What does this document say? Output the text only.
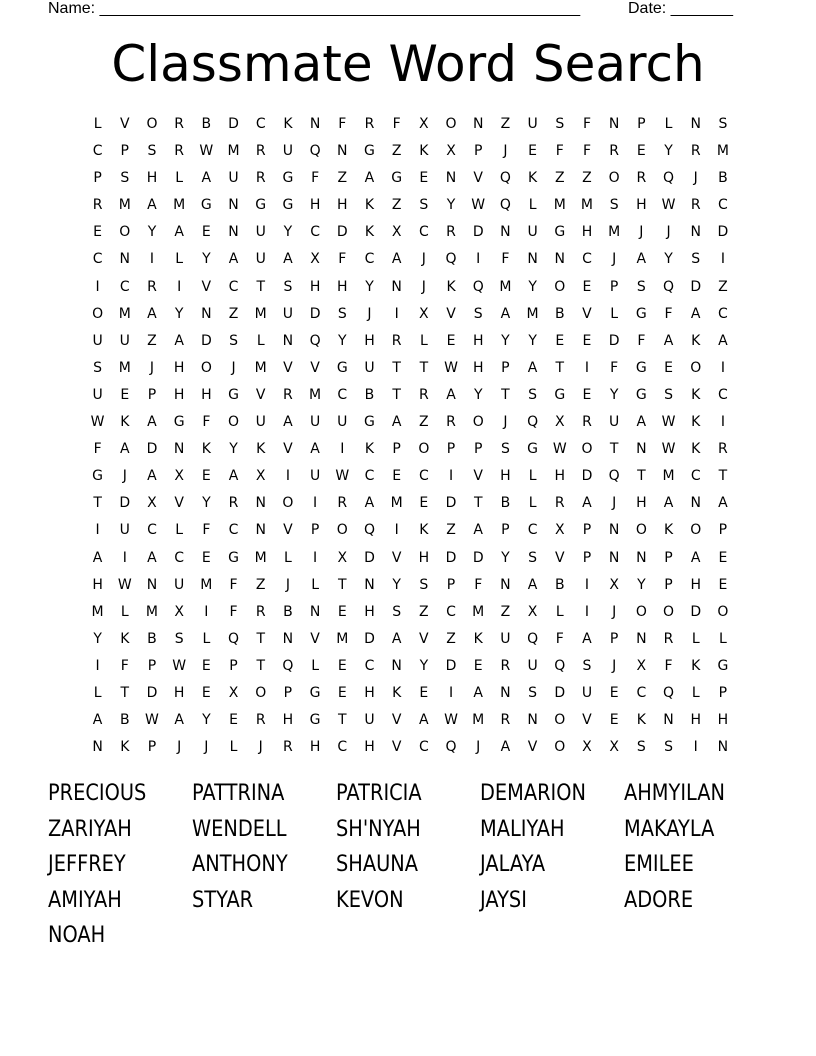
Name: ______________________________________________________	Date: _______
Classmate Word Search
L	V	O	R	B	D	C	K	N	F	R	F	X	O	N	Z	U	S	F	N	P	L	N	S
C	P	S	R	W	M	R	U	Q	N	G	Z	K	X	P	J	E	F	F	R	E	Y	R	M
P	S	H	L	A	U	R	G	F	Z	A	G	E	N	V	Q	K	Z	Z	O	R	Q	J	B
R	M	A	M	G	N	G	G	H	H	K	Z	S	Y	W	Q	L	M	M	S	H	W	R	C
E	O	Y	A	E	N	U	Y	C	D	K	X	C	R	D	N	U	G	H	M	J	J	N	D
C	N	I	L	Y	A	U	A	X	F	C	A	J	Q	I	F	N	N	C	J	A	Y	S	I
I	C	R	I	V	C	T	S	H	H	Y	N	J	K	Q	M	Y	O	E	P	S	Q	D	Z
O	M	A	Y	N	Z	M	U	D	S	J	I	X	V	S	A	M	B	V	L	G	F	A	C
U	U	Z	A	D	S	L	N	Q	Y	H	R	L	E	H	Y	Y	E	E	D	F	A	K	A
S	M	J	H	O	J	M	V	V	G	U	T	T	W	H	P	A	T	I	F	G	E	O	I
U	E	P	H	H	G	V	R	M	C	B	T	R	A	Y	T	S	G	E	Y	G	S	K	C
W	K	A	G	F	O	U	A	U	U	G	A	Z	R	O	J	Q	X	R	U	A	W	K	I
F	A	D	N	K	Y	K	V	A	I	K	P	O	P	P	S	G	W	O	T	N	W	K	R
G	J	A	X	E	A	X	I	U	W	C	E	C	I	V	H	L	H	D	Q	T	M	C	T
T	D	X	V	Y	R	N	O	I	R	A	M	E	D	T	B	L	R	A	J	H	A	N	A
I	U	C	L	F	C	N	V	P	O	Q	I	K	Z	A	P	C	X	P	N	O	K	O	P
A	I	A	C	E	G	M	L	I	X	D	V	H	D	D	Y	S	V	P	N	N	P	A	E
H	W	N	U	M	F	Z	J	L	T	N	Y	S	P	F	N	A	B	I	X	Y	P	H	E
M	L	M	X	I	F	R	B	N	E	H	S	Z	C	M	Z	X	L	I	J	O	O	D	O
Y	K	B	S	L	Q	T	N	V	M	D	A	V	Z	K	U	Q	F	A	P	N	R	L	L
I	F	P	W	E	P	T	Q	L	E	C	N	Y	D	E	R	U	Q	S	J	X	F	K	G
L	T	D	H	E	X	O	P	G	E	H	K	E	I	A	N	S	D	U	E	C	Q	L	P
A	B	W	A	Y	E	R	H	G	T	U	V	A	W	M	R	N	O	V	E	K	N	H	H
N	K	P	J	J	L	J	R	H	C	H	V	C	Q	J	A	V	O	X	X	S	S	I	N
PRECIOUS	PATTRINA	PATRICIA	DEMARION	AHMYILAN
ZARIYAH	WENDELL	SH'NYAH	MALIYAH	MAKAYLA
JEFFREY	ANTHONY	SHAUNA	JALAYA	EMILEE
AMIYAH	STYAR	KEVON	JAYSI	ADORE
NOAH
